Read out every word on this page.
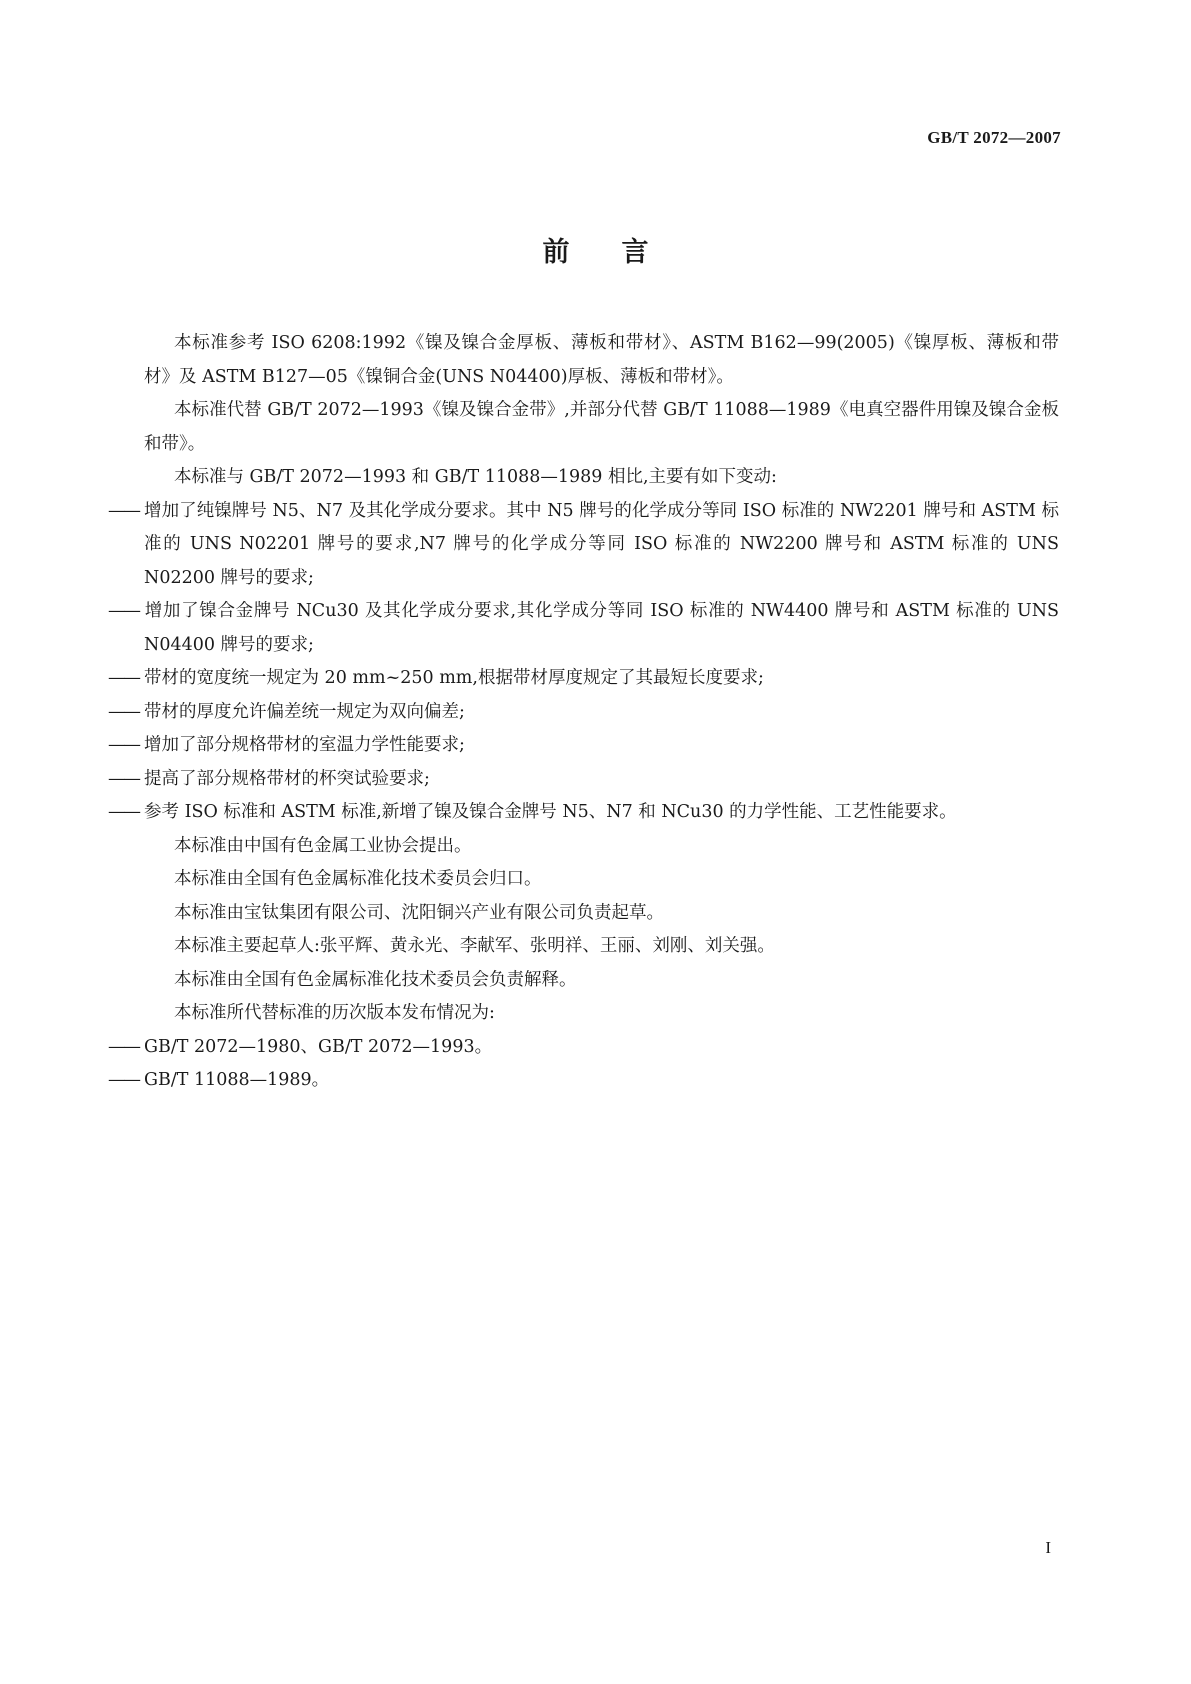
GB/T 2072—2007
前言

本标准参考 ISO 6208:1992《镍及镍合金厚板、薄板和带材》、ASTM B162—99(2005)《镍厚板、薄板和带材》及 ASTM B127—05《镍铜合金(UNS N04400)厚板、薄板和带材》。

本标准代替 GB/T 2072—1993《镍及镍合金带》,并部分代替 GB/T 11088—1989《电真空器件用镍及镍合金板和带》。

本标准与 GB/T 2072—1993 和 GB/T 11088—1989 相比,主要有如下变动:

—— 增加了纯镍牌号 N5、N7 及其化学成分要求。其中 N5 牌号的化学成分等同 ISO 标准的 NW2201 牌号和 ASTM 标准的 UNS N02201 牌号的要求,N7 牌号的化学成分等同 ISO 标准的 NW2200 牌号和 ASTM 标准的 UNS N02200 牌号的要求;

—— 增加了镍合金牌号 NCu30 及其化学成分要求,其化学成分等同 ISO 标准的 NW4400 牌号和 ASTM 标准的 UNS N04400 牌号的要求;

—— 带材的宽度统一规定为 20 mm~250 mm,根据带材厚度规定了其最短长度要求;

—— 带材的厚度允许偏差统一规定为双向偏差;

—— 增加了部分规格带材的室温力学性能要求;

—— 提高了部分规格带材的杯突试验要求;

—— 参考 ISO 标准和 ASTM 标准,新增了镍及镍合金牌号 N5、N7 和 NCu30 的力学性能、工艺性能要求。

本标准由中国有色金属工业协会提出。

本标准由全国有色金属标准化技术委员会归口。

本标准由宝钛集团有限公司、沈阳铜兴产业有限公司负责起草。

本标准主要起草人:张平辉、黄永光、李献军、张明祥、王丽、刘刚、刘关强。

本标准由全国有色金属标准化技术委员会负责解释。

本标准所代替标准的历次版本发布情况为:

—— GB/T 2072—1980、GB/T 2072—1993。

—— GB/T 11088—1989。

I
